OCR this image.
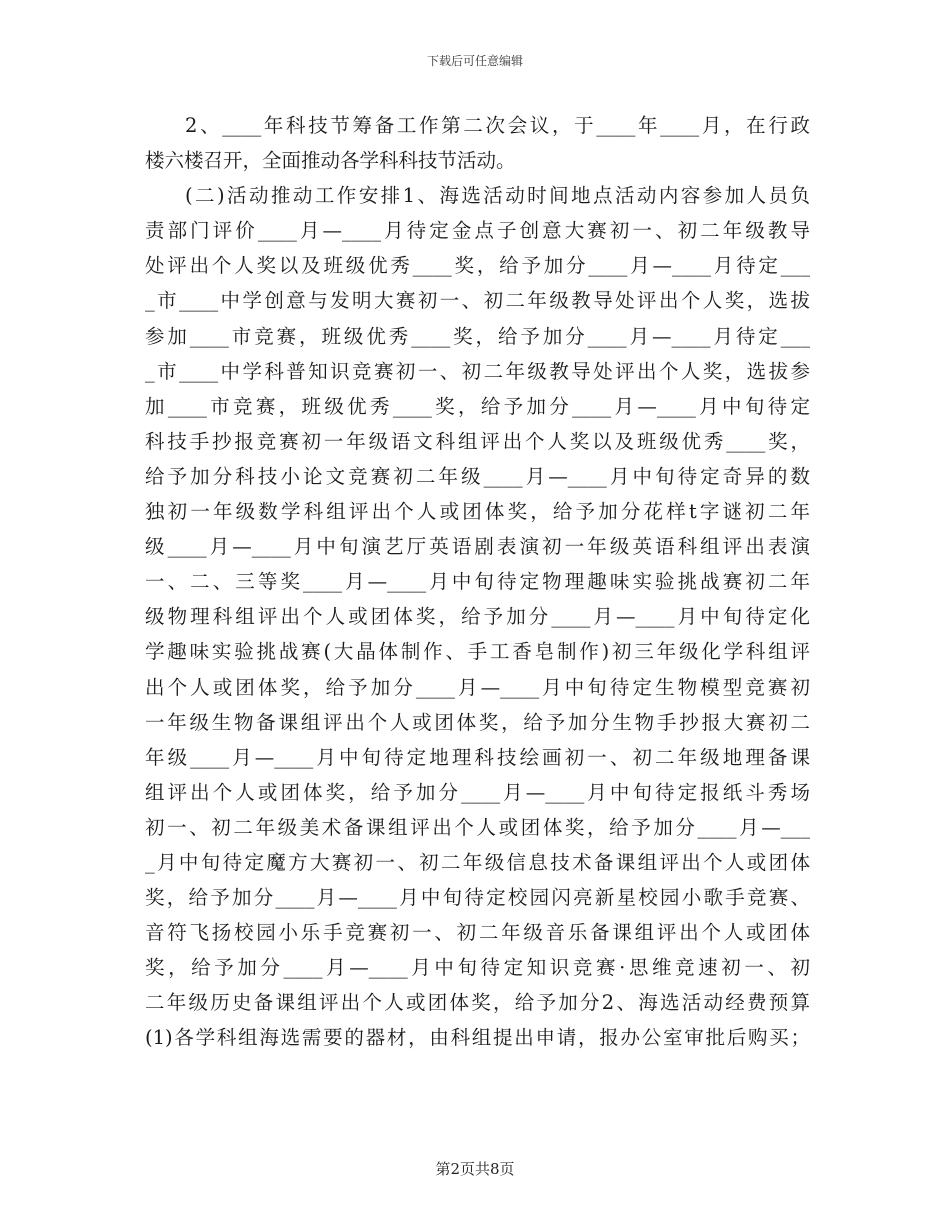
下载后可任意编辑
2、____年科技节筹备工作第二次会议，于____年____月，在行政
楼六楼召开，全面推动各学科科技节活动。
(二)活动推动工作安排1、海选活动时间地点活动内容参加人员负
责部门评价____月—____月待定金点子创意大赛初一、初二年级教导
处评出个人奖以及班级优秀____奖，给予加分____月—____月待定___
_市____中学创意与发明大赛初一、初二年级教导处评出个人奖，选拔
参加____市竞赛，班级优秀____奖，给予加分____月—____月待定___
_市____中学科普知识竞赛初一、初二年级教导处评出个人奖，选拔参
加____市竞赛，班级优秀____奖，给予加分____月—____月中旬待定
科技手抄报竞赛初一年级语文科组评出个人奖以及班级优秀____奖，
给予加分科技小论文竞赛初二年级____月—____月中旬待定奇异的数
独初一年级数学科组评出个人或团体奖，给予加分花样t字谜初二年
级____月—____月中旬演艺厅英语剧表演初一年级英语科组评出表演
一、二、三等奖____月—____月中旬待定物理趣味实验挑战赛初二年
级物理科组评出个人或团体奖，给予加分____月—____月中旬待定化
学趣味实验挑战赛(大晶体制作、手工香皂制作)初三年级化学科组评
出个人或团体奖，给予加分____月—____月中旬待定生物模型竞赛初
一年级生物备课组评出个人或团体奖，给予加分生物手抄报大赛初二
年级____月—____月中旬待定地理科技绘画初一、初二年级地理备课
组评出个人或团体奖，给予加分____月—____月中旬待定报纸斗秀场
初一、初二年级美术备课组评出个人或团体奖，给予加分____月—___
_月中旬待定魔方大赛初一、初二年级信息技术备课组评出个人或团体
奖，给予加分____月—____月中旬待定校园闪亮新星校园小歌手竞赛、
音符飞扬校园小乐手竞赛初一、初二年级音乐备课组评出个人或团体
奖，给予加分____月—____月中旬待定知识竞赛·思维竞速初一、初
二年级历史备课组评出个人或团体奖，给予加分2、海选活动经费预算
(1)各学科组海选需要的器材，由科组提出申请，报办公室审批后购买；
第2页共8页
